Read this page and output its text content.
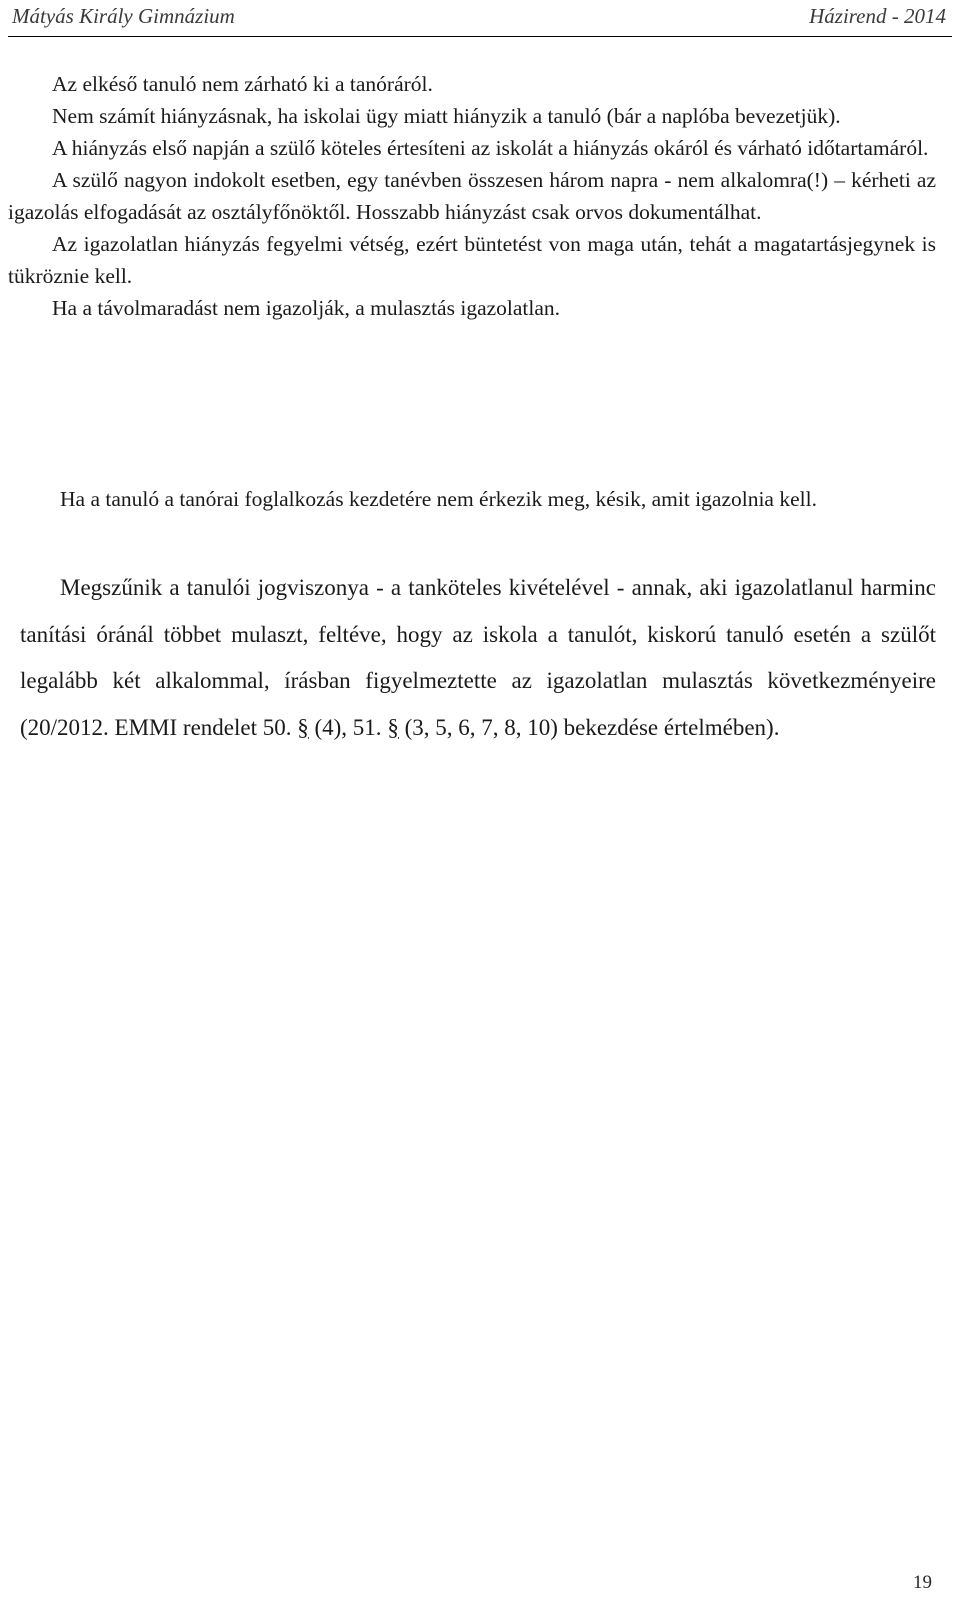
Mátyás Király Gimnázium	Házirend - 2014

Az elkéső tanuló nem zárható ki a tanóráról.

Nem számít hiányzásnak, ha iskolai ügy miatt hiányzik a tanuló (bár a naplóba bevezetjük).

A hiányzás első napján a szülő köteles értesíteni az iskolát a hiányzás okáról és várható időtartamáról.

A szülő nagyon indokolt esetben, egy tanévben összesen három napra - nem alkalomra(!) – kérheti az igazolás elfogadását az osztályfőnöktől. Hosszabb hiányzást csak orvos dokumentálhat.

Az igazolatlan hiányzás fegyelmi vétség, ezért büntetést von maga után, tehát a magatartásjegynek is tükröznie kell.

Ha a távolmaradást nem igazolják, a mulasztás igazolatlan.

Ha a tanuló a tanórai foglalkozás kezdetére nem érkezik meg, késik, amit igazolnia kell.

Megszűnik a tanulói jogviszonya - a tanköteles kivételével - annak, aki igazolatlanul harminc tanítási óránál többet mulaszt, feltéve, hogy az iskola a tanulót, kiskorú tanuló esetén a szülőt legalább két alkalommal, írásban figyelmeztette az igazolatlan mulasztás következményeire (20/2012. EMMI rendelet 50. § (4), 51. § (3, 5, 6, 7, 8, 10) bekezdése értelmében).

19
